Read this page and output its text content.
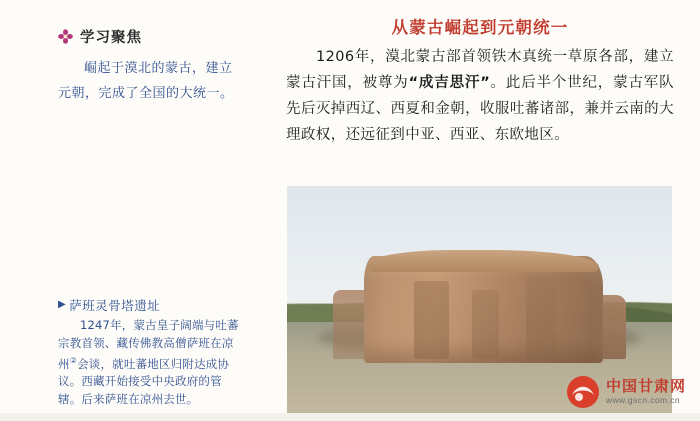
学习聚焦
崛起于漠北的蒙古，建立元朝，完成了全国的大统一。
▶ 萨班灵骨塔遗址
1247年，蒙古皇子阔端与吐蕃宗教首领、藏传佛教高僧萨班在凉州②会谈，就吐蕃地区归附达成协议。西藏开始接受中央政府的管辖。后来萨班在凉州去世。
从蒙古崛起到元朝统一
1206年，漠北蒙古部首领铁木真统一草原各部，建立蒙古汗国，被尊为“成吉思汗”。此后半个世纪，蒙古军队先后灭掉西辽、西夏和金朝，收服吐蕃诸部，兼并云南的大理政权，还远征到中亚、西亚、东欧地区。
中国甘肃网
www.gscn.com.cn
